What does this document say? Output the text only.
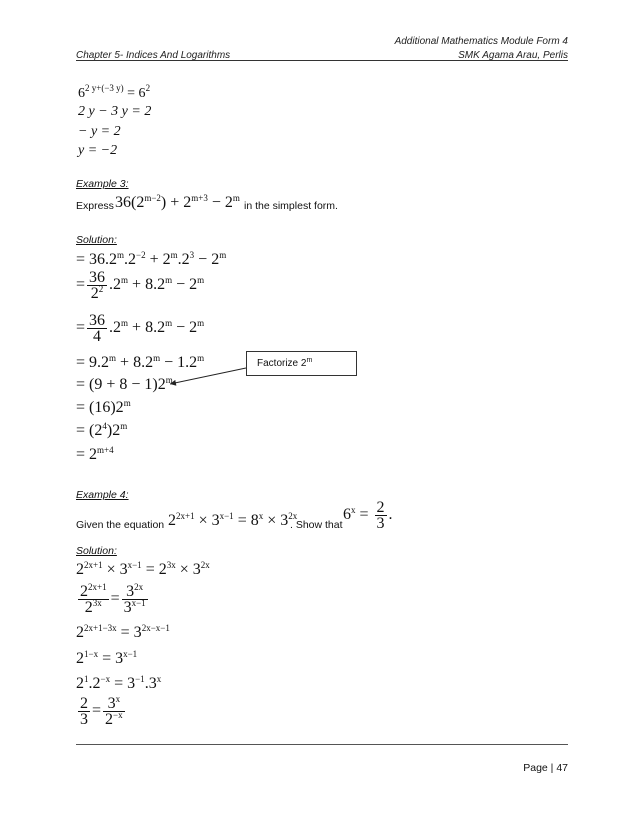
Additional Mathematics Module Form 4
Chapter 5- Indices And Logarithms	SMK Agama Arau, Perlis
$6^{2 y+(-3 y)} = 6^2$
2 y − 3 y = 2
− y = 2
y = −2
Example 3:
Express $36(2^{m-2}) + 2^{m+3} - 2^m$
in the simplest form.
Solution:
= $36.2^m.2^{-2} + 2^m.2^3 - 2^m$
= $\frac{36}{2^2} .2^m + 8.2^m - 2^m$
= $\frac{36}{4} .2^m + 8.2^m - 2^m$
= $9.2^m + 8.2^m - 1.2^m$
= $(9 + 8 - 1)2^m$
= $(16)2^m$
= $(2^4)2^m$
= $2^{m+4}$
Factorize 2$^m$
Example 4:
Given the equation $2^{2x+1} \times 3^{x-1} = 8^x \times 3^{2x}$
. Show that
$6^x = \frac{2}{3}$ .
Solution:
$2^{2x+1} \times 3^{x-1} = 2^{3x} \times 3^{2x}$
$\frac{2^{2x+1}}{2^{3x}} = \frac{3^{2x}}{3^{x-1}}$
$2^{2x+1-3x} = 3^{2x-x-1}$
$2^{1-x} = 3^{x-1}$
$2^1.2^{-x} = 3^{-1}.3^x$
$\frac{2}{3} = \frac{3^x}{2^{-x}}$
Page | 47
